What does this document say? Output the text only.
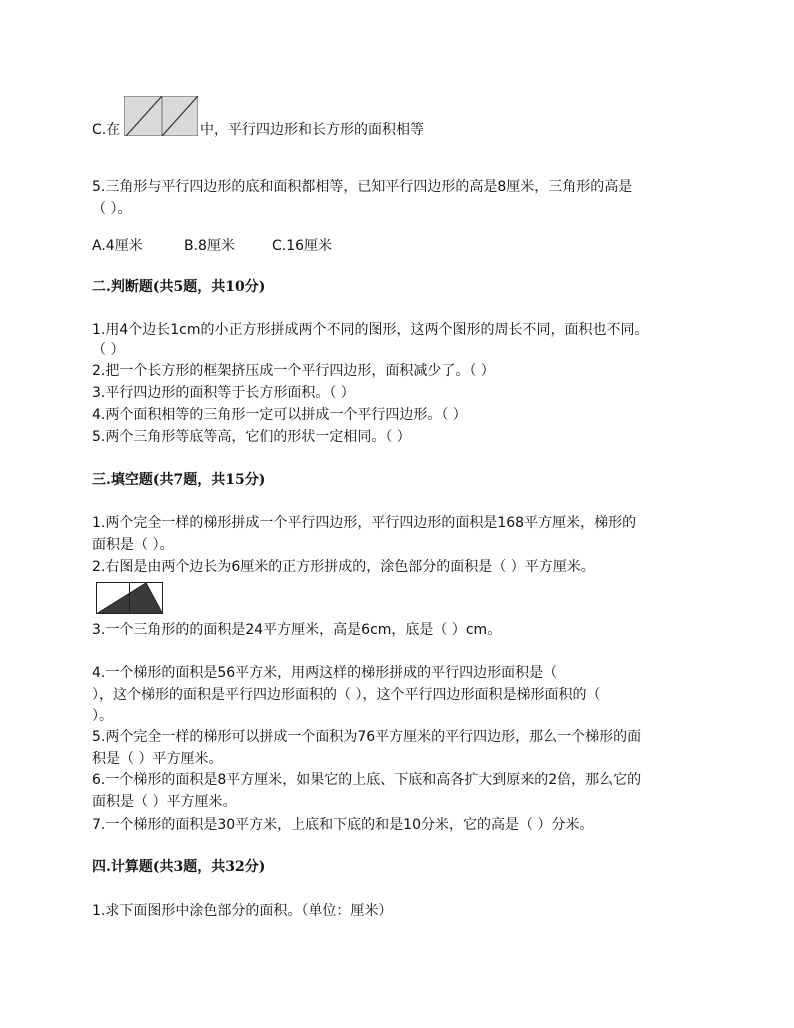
C.在	中，平行四边形和长方形的面积相等
5.三角形与平行四边形的底和面积都相等，已知平行四边形的高是8厘米，三角形的高是
（ ）。
A.4厘米	B.8厘米	C.16厘米
二.判断题(共5题，共10分)
1.用4个边长1cm的小正方形拼成两个不同的图形，这两个图形的周长不同，面积也不同。
（ ）
2.把一个长方形的框架挤压成一个平行四边形，面积减少了。（ ）
3.平行四边形的面积等于长方形面积。（ ）
4.两个面积相等的三角形一定可以拼成一个平行四边形。（ ）
5.两个三角形等底等高，它们的形状一定相同。（ ）
三.填空题(共7题，共15分)
1.两个完全一样的梯形拼成一个平行四边形，平行四边形的面积是168平方厘米，梯形的
面积是（ ）。
2.右图是由两个边长为6厘米的正方形拼成的，涂色部分的面积是（ ）平方厘米。
3.一个三角形的的面积是24平方厘米，高是6cm，底是（ ）cm。
4.一个梯形的面积是56平方米，用两这样的梯形拼成的平行四边形面积是（
），这个梯形的面积是平行四边形面积的（ ），这个平行四边形面积是梯形面积的（
）。
5.两个完全一样的梯形可以拼成一个面积为76平方厘米的平行四边形，那么一个梯形的面
积是（ ）平方厘米。
6.一个梯形的面积是8平方厘米，如果它的上底、下底和高各扩大到原来的2倍，那么它的
面积是（ ）平方厘米。
7.一个梯形的面积是30平方米，上底和下底的和是10分米，它的高是（ ）分米。
四.计算题(共3题，共32分)
1.求下面图形中涂色部分的面积。（单位：厘米）
